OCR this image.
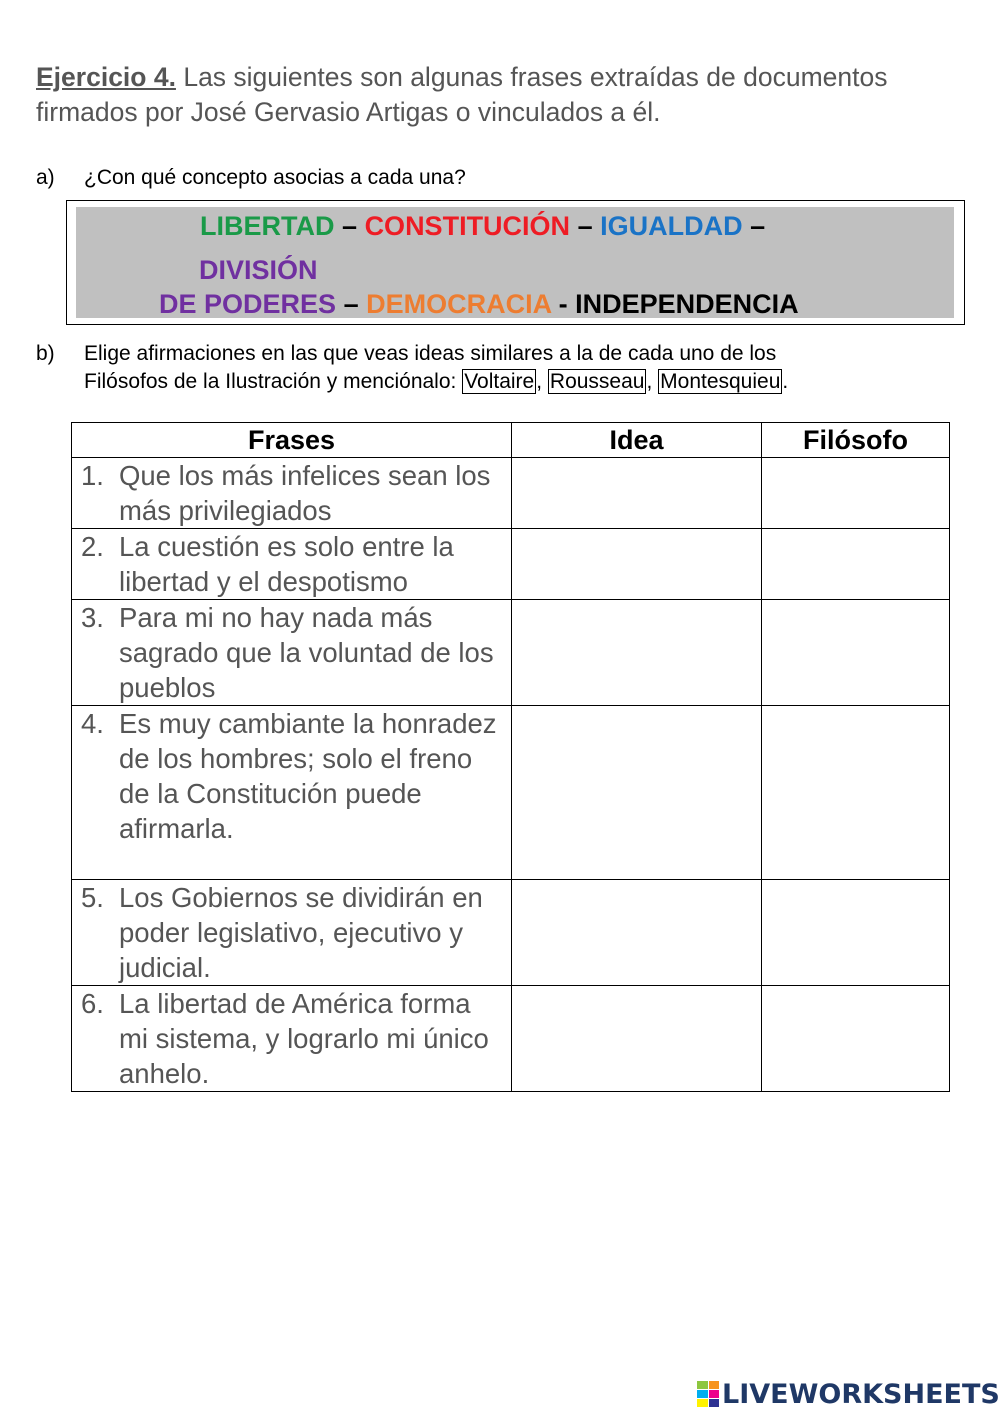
Ejercicio 4. Las siguientes son algunas frases extraídas de documentos firmados por José Gervasio Artigas o vinculados a él.
a) ¿Con qué concepto asocias a cada una?
LIBERTAD – CONSTITUCIÓN – IGUALDAD –
DIVISIÓN
DE PODERES – DEMOCRACIA - INDEPENDENCIA
b) Elige afirmaciones en las que veas ideas similares a la de cada uno de los
Filósofos de la Ilustración y menciónalo: Voltaire, Rousseau, Montesquieu.
Frases	Idea	Filósofo

1. Que los más infelices sean los más privilegiados		

2. La cuestión es solo entre la libertad y el despotismo		

3. Para mi no hay nada más sagrado que la voluntad de los pueblos		

4. Es muy cambiante la honradez de los hombres; solo el freno de la Constitución puede afirmarla.		

5. Los Gobiernos se dividirán en poder legislativo, ejecutivo y judicial.		

6. La libertad de América forma mi sistema, y lograrlo mi único anhelo.		

LIVEWORKSHEETS
